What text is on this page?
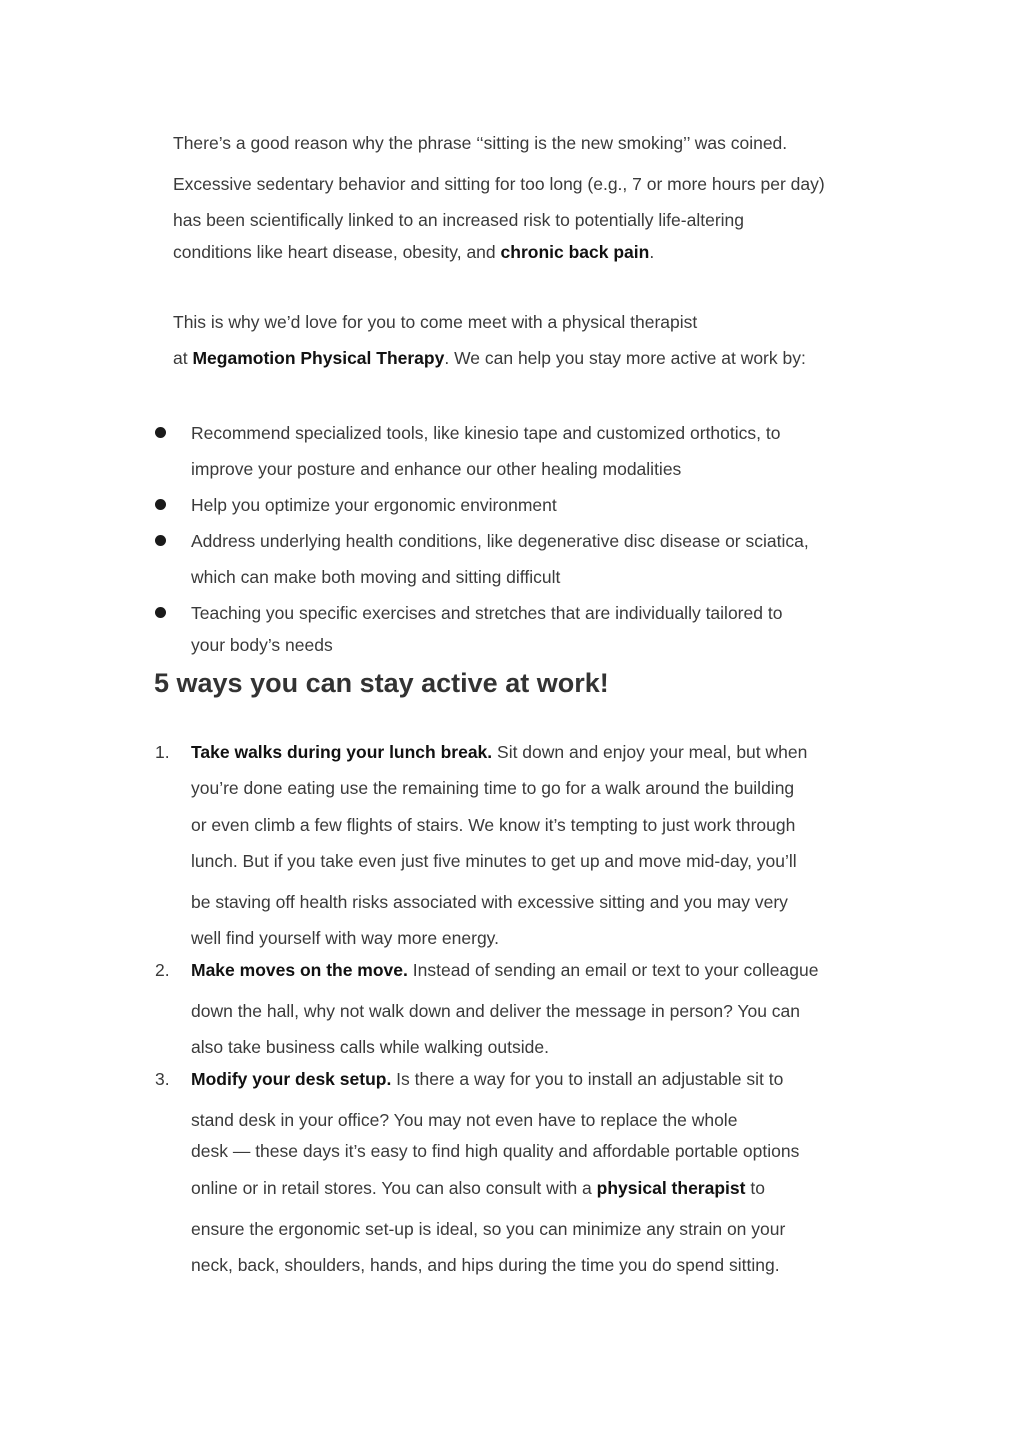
There’s a good reason why the phrase ‘‘sitting is the new smoking’’ was coined.
Excessive sedentary behavior and sitting for too long (e.g., 7 or more hours per day)
has been scientifically linked to an increased risk to potentially life-altering
conditions like heart disease, obesity, and chronic back pain.
This is why we’d love for you to come meet with a physical therapist
at Megamotion Physical Therapy. We can help you stay more active at work by:
Recommend specialized tools, like kinesio tape and customized orthotics, to
improve your posture and enhance our other healing modalities
Help you optimize your ergonomic environment
Address underlying health conditions, like degenerative disc disease or sciatica,
which can make both moving and sitting difficult
Teaching you specific exercises and stretches that are individually tailored to
your body’s needs
5 ways you can stay active at work!
1. Take walks during your lunch break. Sit down and enjoy your meal, but when
you’re done eating use the remaining time to go for a walk around the building
or even climb a few flights of stairs. We know it’s tempting to just work through
lunch. But if you take even just five minutes to get up and move mid-day, you’ll
be staving off health risks associated with excessive sitting and you may very
well find yourself with way more energy.
2. Make moves on the move. Instead of sending an email or text to your colleague
down the hall, why not walk down and deliver the message in person? You can
also take business calls while walking outside.
3. Modify your desk setup. Is there a way for you to install an adjustable sit to
stand desk in your office? You may not even have to replace the whole
desk — these days it’s easy to find high quality and affordable portable options
online or in retail stores. You can also consult with a physical therapist to
ensure the ergonomic set-up is ideal, so you can minimize any strain on your
neck, back, shoulders, hands, and hips during the time you do spend sitting.
